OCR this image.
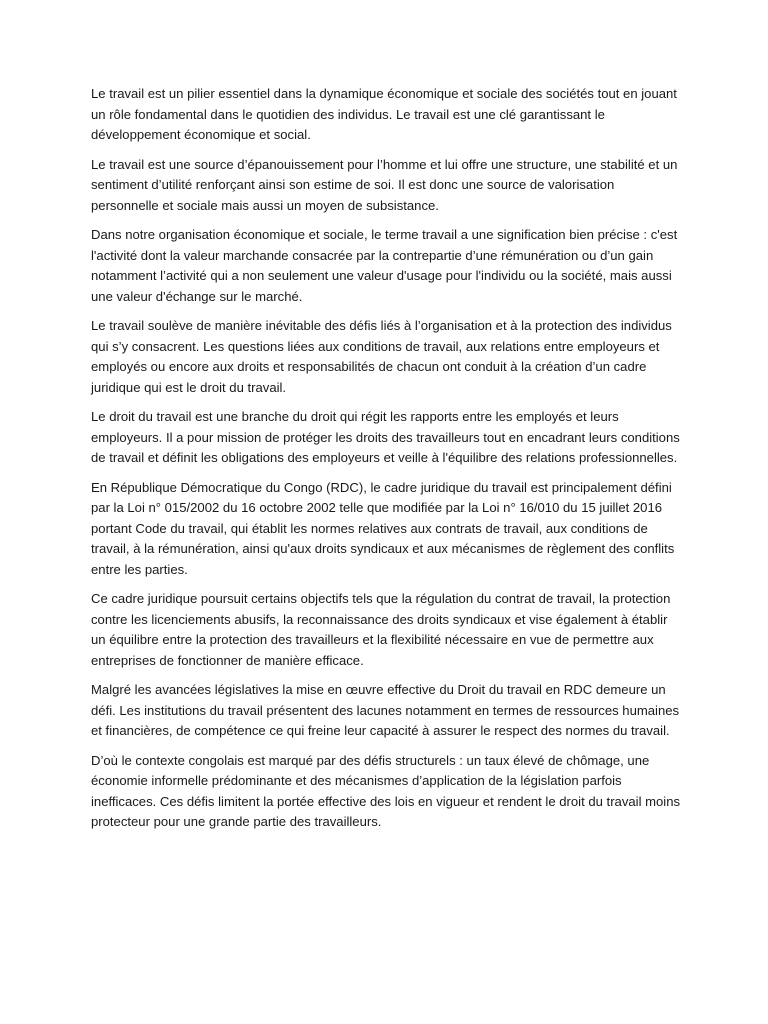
Le travail est un pilier essentiel dans la dynamique économique et sociale des sociétés tout en jouant un rôle fondamental dans le quotidien des individus. Le travail est une clé garantissant le développement économique et social.

Le travail est une source d’épanouissement pour l’homme et lui offre une structure, une stabilité et un sentiment d’utilité renforçant ainsi son estime de soi. Il est donc une source de valorisation personnelle et sociale mais aussi un moyen de subsistance.

Dans notre organisation économique et sociale, le terme travail a une signification bien précise : c'est l'activité dont la valeur marchande consacrée par la contrepartie d’une rémunération ou d’un gain notamment l’activité qui a non seulement une valeur d'usage pour l'individu ou la société, mais aussi une valeur d'échange sur le marché.

Le travail soulève de manière inévitable des défis liés à l’organisation et à la protection des individus qui s’y consacrent. Les questions liées aux conditions de travail, aux relations entre employeurs et employés ou encore aux droits et responsabilités de chacun ont conduit à la création d’un cadre juridique qui est le droit du travail.

Le droit du travail est une branche du droit qui régit les rapports entre les employés et leurs employeurs. Il a pour mission de protéger les droits des travailleurs tout en encadrant leurs conditions de travail et définit les obligations des employeurs et veille à l'équilibre des relations professionnelles.

En République Démocratique du Congo (RDC), le cadre juridique du travail est principalement défini par la Loi n° 015/2002 du 16 octobre 2002 telle que modifiée par la Loi n° 16/010 du 15 juillet 2016 portant Code du travail, qui établit les normes relatives aux contrats de travail, aux conditions de travail, à la rémunération, ainsi qu'aux droits syndicaux et aux mécanismes de règlement des conflits entre les parties.

Ce cadre juridique poursuit certains objectifs tels que la régulation du contrat de travail, la protection contre les licenciements abusifs, la reconnaissance des droits syndicaux et vise également à établir un équilibre entre la protection des travailleurs et la flexibilité nécessaire en vue de permettre aux entreprises de fonctionner de manière efficace.

Malgré les avancées législatives la mise en œuvre effective du Droit du travail en RDC demeure un défi. Les institutions du travail présentent des lacunes notamment en termes de ressources humaines et financières, de compétence ce qui freine leur capacité à assurer le respect des normes du travail.

D’où le contexte congolais est marqué par des défis structurels : un taux élevé de chômage, une économie informelle prédominante et des mécanismes d’application de la législation parfois inefficaces. Ces défis limitent la portée effective des lois en vigueur et rendent le droit du travail moins protecteur pour une grande partie des travailleurs.
